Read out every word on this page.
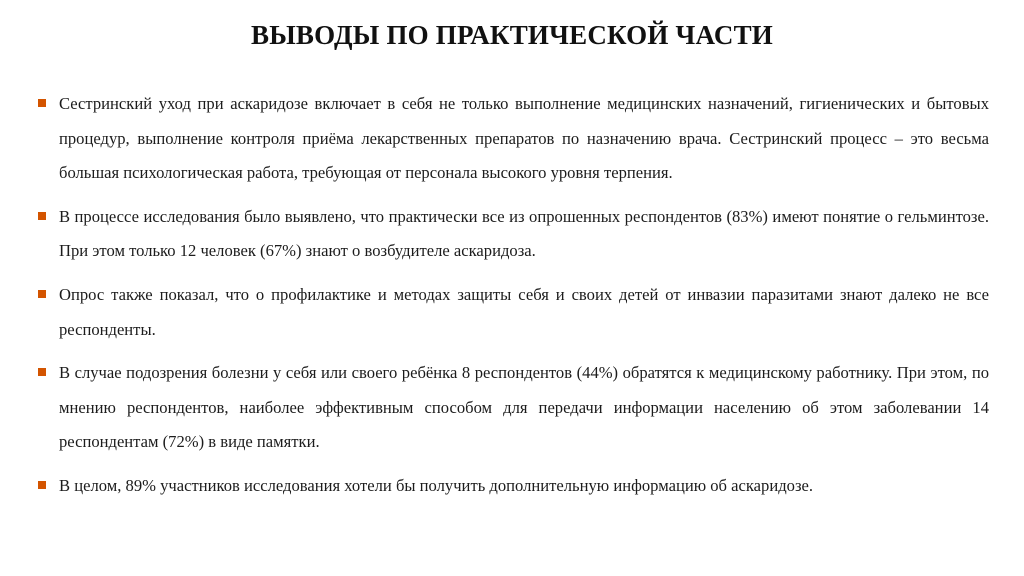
ВЫВОДЫ ПО ПРАКТИЧЕСКОЙ ЧАСТИ
Сестринский уход при аскаридозе включает в себя не только выполнение медицинских назначений, гигиенических и бытовых процедур, выполнение контроля приёма лекарственных препаратов по назначению врача. Сестринский процесс – это весьма большая психологическая работа, требующая от персонала высокого уровня терпения.
В процессе исследования было выявлено, что практически все из опрошенных респондентов (83%) имеют понятие о гельминтозе. При этом только 12 человек (67%) знают о возбудителе аскаридоза.
Опрос также показал, что о профилактике и методах защиты себя и своих детей от инвазии паразитами знают далеко не все респонденты.
В случае подозрения болезни у себя или своего ребёнка 8 респондентов (44%) обратятся к медицинскому работнику. При этом, по мнению респондентов, наиболее эффективным способом для передачи информации населению об этом заболевании 14 респондентам (72%) в виде памятки.
В целом, 89% участников исследования хотели бы получить дополнительную информацию об аскаридозе.
